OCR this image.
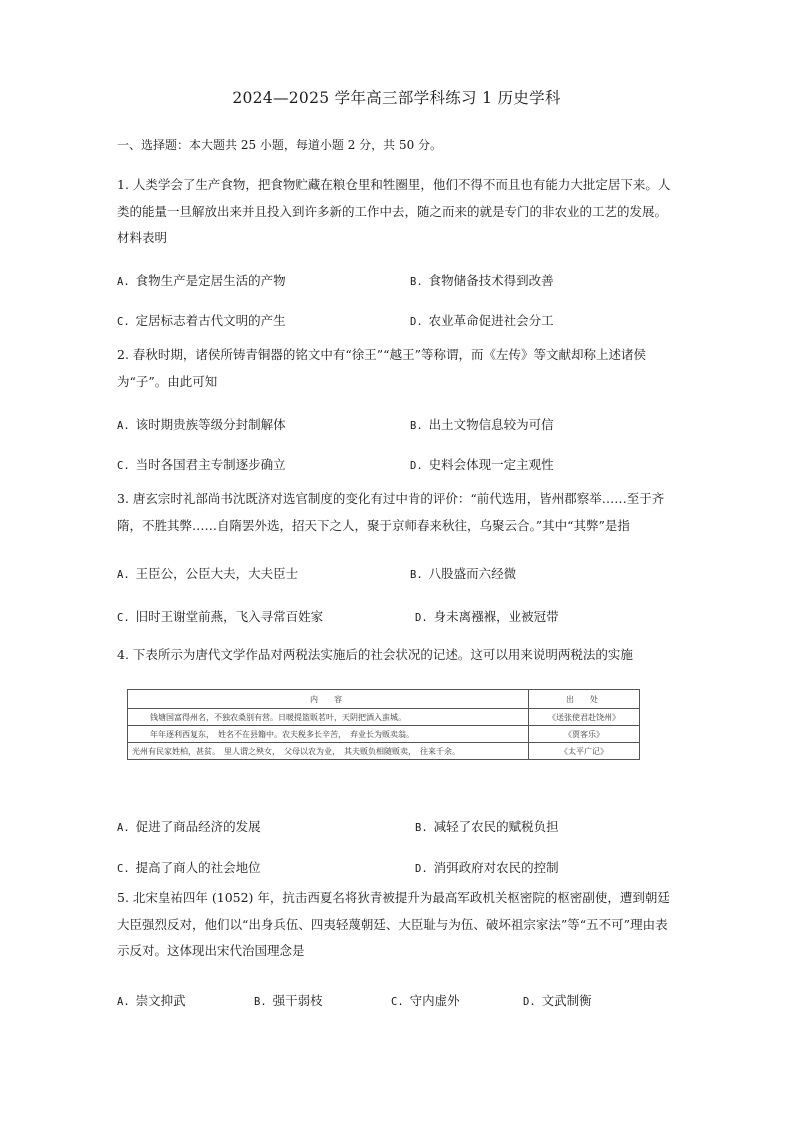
2024—2025 学年高三部学科练习 1 历史学科
一、选择题：本大题共 25 小题，每道小题 2 分，共 50 分。
1. 人类学会了生产食物，把食物贮藏在粮仓里和牲圈里，他们不得不而且也有能力大批定居下来。人类的能量一旦解放出来并且投入到许多新的工作中去，随之而来的就是专门的非农业的工艺的发展。材料表明
A. 食物生产是定居生活的产物	B. 食物储备技术得到改善
C. 定居标志着古代文明的产生	D. 农业革命促进社会分工
2. 春秋时期，诸侯所铸青铜器的铭文中有“徐王”“越王”等称谓，而《左传》等文献却称上述诸侯为“子”。由此可知
A. 该时期贵族等级分封制解体	B. 出土文物信息较为可信
C. 当时各国君主专制逐步确立	D. 史料会体现一定主观性
3. 唐玄宗时礼部尚书沈既济对选官制度的变化有过中肯的评价：“前代选用，皆州郡察举……至于齐隋，不胜其弊……自隋罢外选，招天下之人，聚于京师春来秋往，乌聚云合。”其中“其弊”是指
A. 王臣公，公臣大夫，大夫臣士	B. 八股盛而六经微
C. 旧时王谢堂前燕，飞入寻常百姓家	D. 身未离襁褓，业被冠带
4. 下表所示为唐代文学作品对两税法实施后的社会状况的记述。这可以用来说明两税法的实施
内　容	出　处
钱塘国富得州名，不独农桑别有营。日暖提篮販茗叶，天阴把酒入蛮城。	《送张使君赴饶州》
年年逐利西复东，　姓名不在县籍中。农夫税多长辛苦，　弃业长为贩卖翁。	《贾客乐》
光州有民家姓柏，甚贫。　里人谓之殃女，　父母以农为业，　其夫贩负相随贩卖，　往来千余。	《太平广记》
A. 促进了商品经济的发展	B. 减轻了农民的赋税负担
C. 提高了商人的社会地位	D. 消弭政府对农民的控制
5. 北宋皇祐四年 (1052) 年，抗击西夏名将狄青被提升为最高军政机关枢密院的枢密副使，遭到朝廷大臣强烈反对，他们以“出身兵伍、四夷轻蔑朝廷、大臣耻与为伍、破坏祖宗家法”等“五不可”理由表示反对。这体现出宋代治国理念是
A. 崇文抑武	B. 强干弱枝	C. 守内虚外	D. 文武制衡
